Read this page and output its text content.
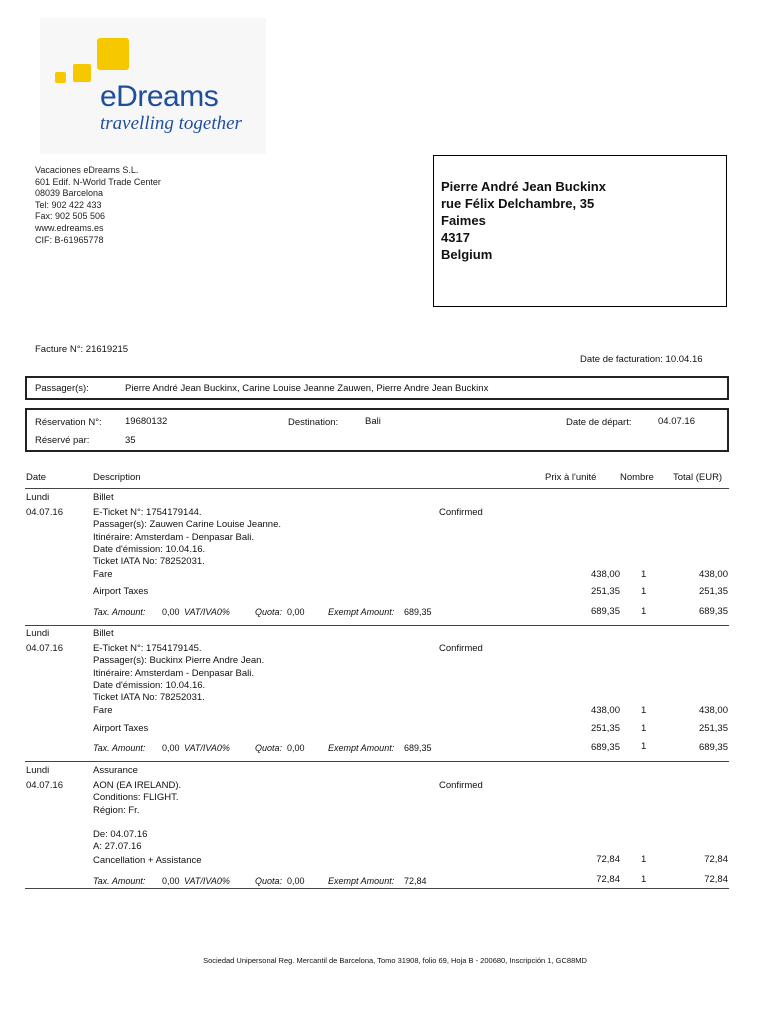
eDreams
travelling together
Vacaciones eDreams S.L.
601 Edif. N-World Trade Center
08039 Barcelona
Tel: 902 422 433
Fax: 902 505 506
www.edreams.es
CIF: B-61965778
Pierre André Jean Buckinx
rue Félix Delchambre, 35
Faimes
4317
Belgium
Facture N°: 21619215
Date de facturation: 10.04.16
Passager(s):	Pierre André Jean Buckinx, Carine Louise Jeanne Zauwen, Pierre Andre Jean Buckinx
Réservation N°: 19680132	Destination:	Bali	Date de départ:	04.07.16
Réservé par:	35
Date	Description	Prix à l'unité Nombre Total (EUR)
Lundi	Billet
04.07.16	Confirmed
E-Ticket N°: 1754179144.
Passager(s): Zauwen Carine Louise Jeanne.
Itinéraire: Amsterdam - Denpasar Bali.
Date d'émission: 10.04.16.
Ticket IATA No: 78252031.
Fare	438,00 1	438,00
Airport Taxes	251,35 1	251,35
Tax. Amount: 0,00 VAT/IVA0%	Quota: 0,00	Exempt Amount: 689,35	689,35 1	689,35
Lundi	Billet
04.07.16	Confirmed
E-Ticket N°: 1754179145.
Passager(s): Buckinx Pierre Andre Jean.
Itinéraire: Amsterdam - Denpasar Bali.
Date d'émission: 10.04.16.
Ticket IATA No: 78252031.
Fare	438,00 1	438,00
Airport Taxes	251,35 1	251,35
Tax. Amount: 0,00 VAT/IVA0%	Quota: 0,00	Exempt Amount: 689,35	689,35 1	689,35
Lundi	Assurance
04.07.16	Confirmed
AON (EA IRELAND).
Conditions: FLIGHT.
Région: Fr.
De: 04.07.16
A: 27.07.16
Cancellation + Assistance	72,84 1	72,84
Tax. Amount: 0,00 VAT/IVA0%	Quota: 0,00	Exempt Amount: 72,84	72,84 1	72,84
Sociedad Unipersonal Reg. Mercantil de Barcelona, Tomo 31908, folio 69, Hoja B - 200680, Inscripción 1, GC88MD
